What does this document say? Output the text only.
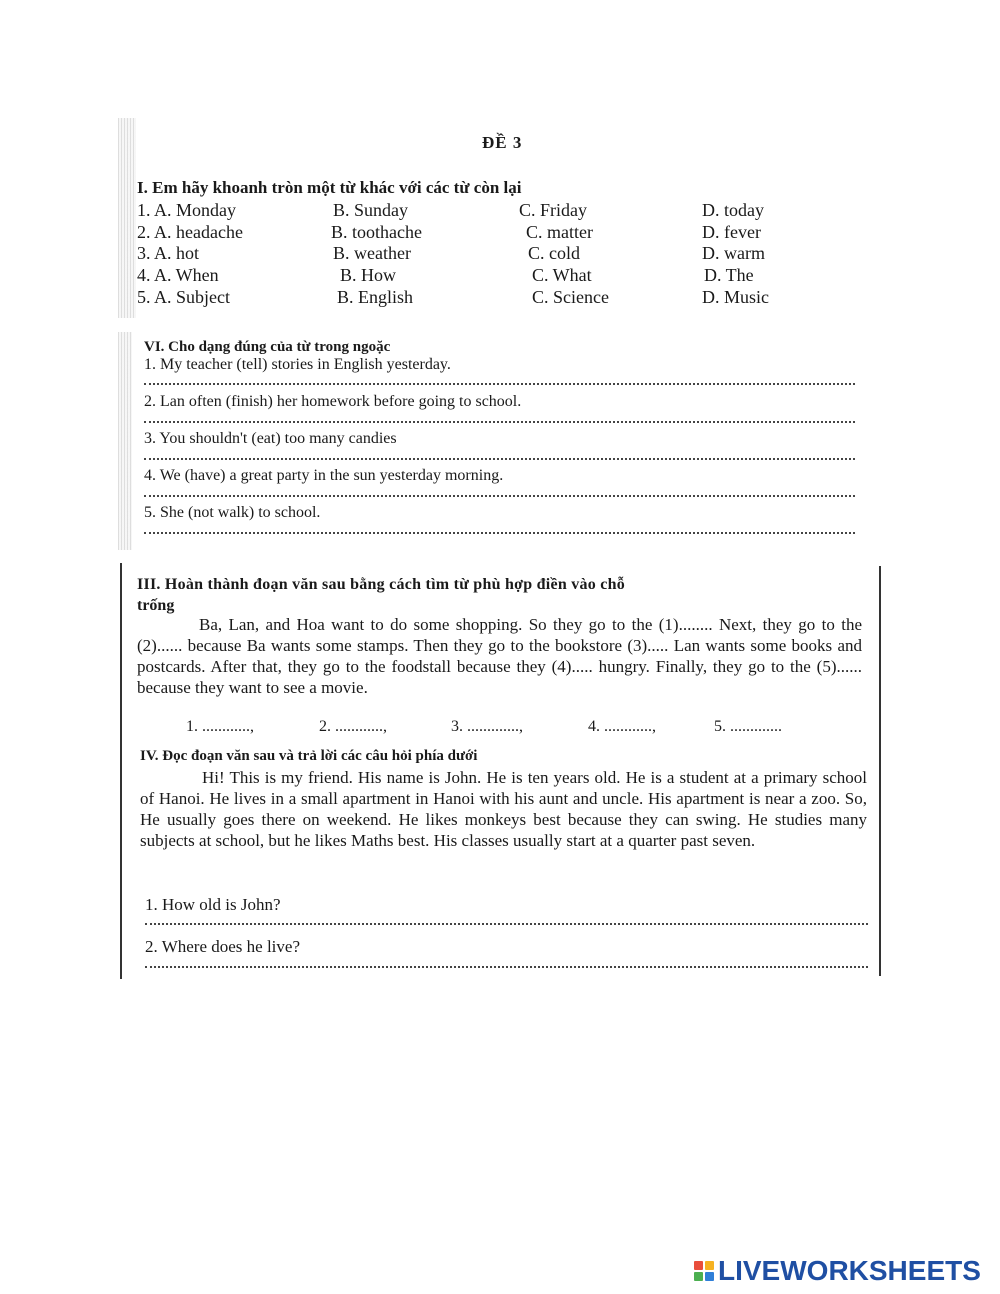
ĐỀ 3
I. Em hãy khoanh tròn một từ khác với các từ còn lại
1. A. Monday	B. Sunday	C. Friday	D. today
2. A. headache	B. toothache	C. matter	D. fever
3. A. hot	B. weather	C. cold	D. warm
4. A. When	B. How	C. What	D. The
5. A. Subject	B. English	C. Science	D. Music
VI. Cho dạng đúng của từ trong ngoặc
1. My teacher (tell) stories in English yesterday.
2. Lan often (finish) her homework before going to school.
3. You shouldn't (eat) too many candies
4. We (have) a great party in the sun yesterday morning.
5. She (not walk) to school.
III. Hoàn thành đoạn văn sau bằng cách tìm từ phù hợp điền vào chỗ
trống
Ba, Lan, and Hoa want to do some shopping. So they go to the (1)........ Next, they go to the (2)...... because Ba wants some stamps. Then they go to the bookstore (3)..... Lan wants some books and postcards. After that, they go to the foodstall because they (4)..... hungry. Finally, they go to the (5)...... because they want to see a movie.
1. ............,	2. ............,	3. .............,	4. ............,	5. .............
IV. Đọc đoạn văn sau và trả lời các câu hỏi phía dưới
Hi! This is my friend. His name is John. He is ten years old. He is a student at a primary school of Hanoi. He lives in a small apartment in Hanoi with his aunt and uncle. His apartment is near a zoo. So, He usually goes there on weekend. He likes monkeys best because they can swing. He studies many subjects at school, but he likes Maths best. His classes usually start at a quarter past seven.
1. How old is John?
2. Where does he live?
LIVEWORKSHEETS
